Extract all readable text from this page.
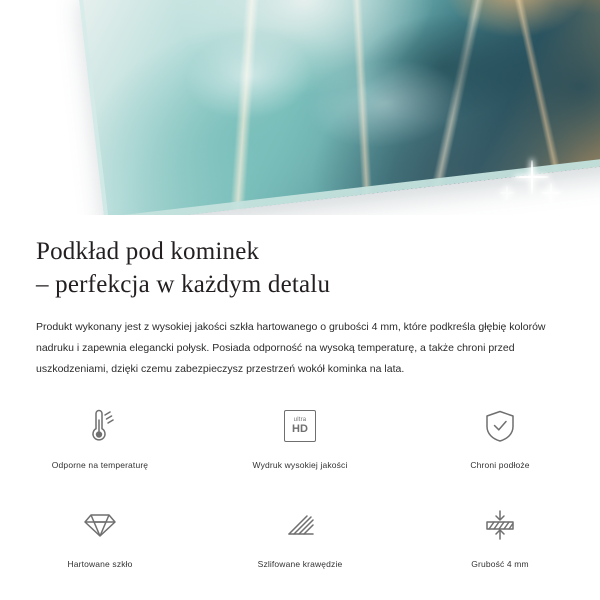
Podkład pod kominek
– perfekcja w każdym detalu

Produkt wykonany jest z wysokiej jakości szkła hartowanego o grubości 4 mm, które podkreśla głębię kolorów nadruku i zapewnia elegancki połysk. Posiada odporność na wysoką temperaturę, a także chroni przed uszkodzeniami, dzięki czemu zabezpieczysz przestrzeń wokół kominka na lata.

Odporne na temperaturę
ultra
HD
Wydruk wysokiej jakości	Chroni podłoże
Hartowane szkło	Szlifowane krawędzie	Grubość 4 mm
